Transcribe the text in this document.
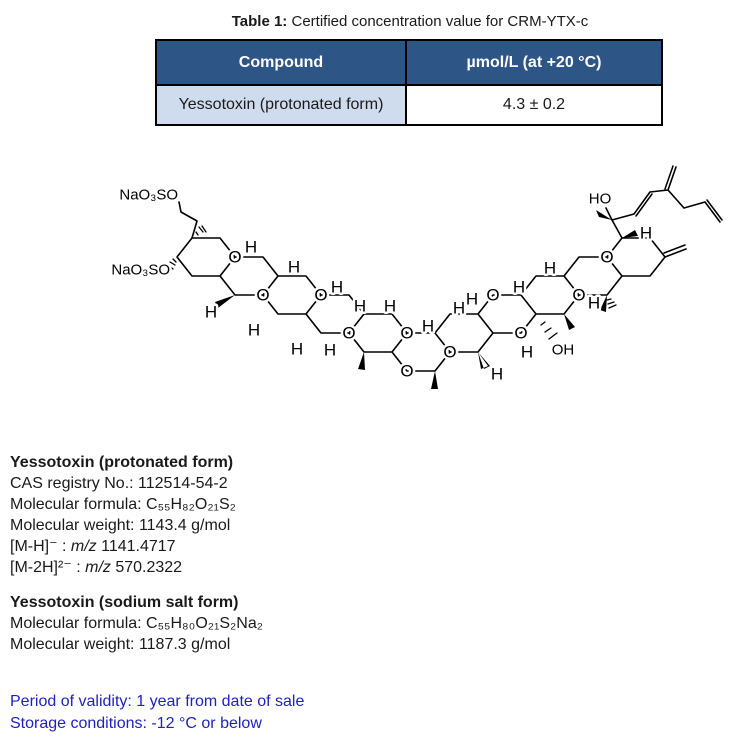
Table 1: Certified concentration value for CRM-YTX-c
Compound	µmol/L (at +20 °C)
Yessotoxin (protonated form)	4.3 ± 0.2
O
O	O
O	O
O
O
O
O
O
O
H
H
H
H
H
H H
H H
H
H H
H
H
H
H
H
H
NaO₃SO
NaO₃SO
HO
OH
Yessotoxin (protonated form)
CAS registry No.: 112514-54-2
Molecular formula: C₅₅H₈₂O₂₁S₂
Molecular weight: 1143.4 g/mol
[M-H]⁻ : m/z 1141.4717
[M-2H]²⁻ : m/z 570.2322
Yessotoxin (sodium salt form)
Molecular formula: C₅₅H₈₀O₂₁S₂Na₂
Molecular weight: 1187.3 g/mol
Period of validity: 1 year from date of sale
Storage conditions: -12 °C or below
